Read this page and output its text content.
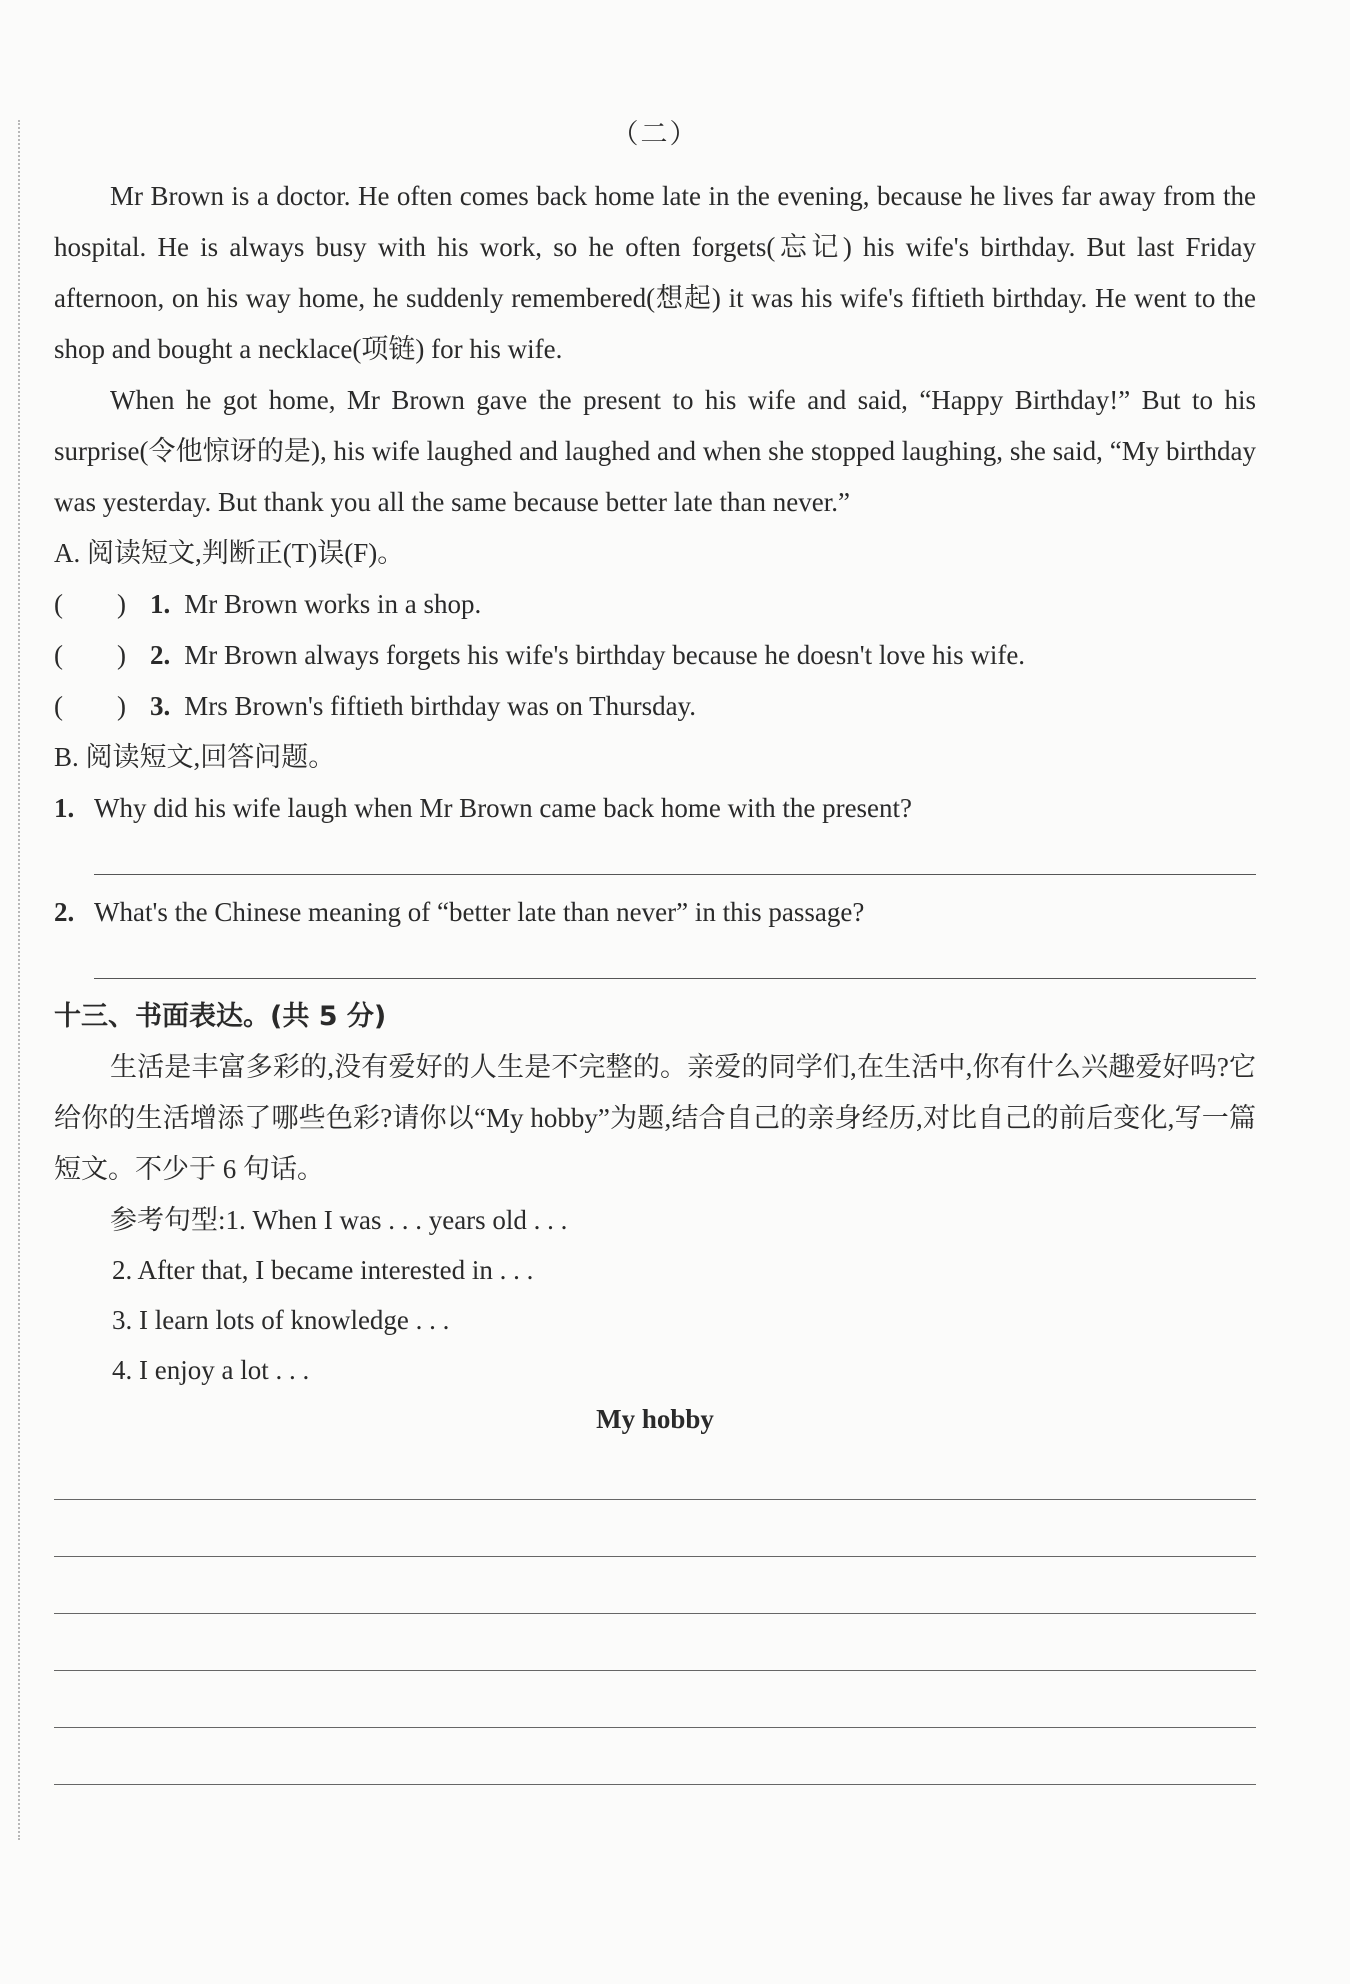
（二）

Mr Brown is a doctor. He often comes back home late in the evening, because he lives far away from the hospital. He is always busy with his work, so he often forgets(忘记) his wife's birthday. But last Friday afternoon, on his way home, he suddenly remembered(想起) it was his wife's fiftieth birthday. He went to the shop and bought a necklace(项链) for his wife.

When he got home, Mr Brown gave the present to his wife and said, “Happy Birthday!” But to his surprise(令他惊讶的是), his wife laughed and laughed and when she stopped laughing, she said, “My birthday was yesterday. But thank you all the same because better late than never.”

A. 阅读短文,判断正(T)误(F)。

(　　) 1. Mr Brown works in a shop.
(　　) 2. Mr Brown always forgets his wife's birthday because he doesn't love his wife.
(　　) 3. Mrs Brown's fiftieth birthday was on Thursday.

B. 阅读短文,回答问题。

1. Why did his wife laugh when Mr Brown came back home with the present?
2. What's the Chinese meaning of “better late than never” in this passage?

十三、书面表达。(共 5 分)

生活是丰富多彩的,没有爱好的人生是不完整的。亲爱的同学们,在生活中,你有什么兴趣爱好吗?它给你的生活增添了哪些色彩?请你以“My hobby”为题,结合自己的亲身经历,对比自己的前后变化,写一篇短文。不少于 6 句话。

参考句型:1. When I was . . . years old . . .

2. After that, I became interested in . . .

3. I learn lots of knowledge . . .

4. I enjoy a lot . . .

My hobby
